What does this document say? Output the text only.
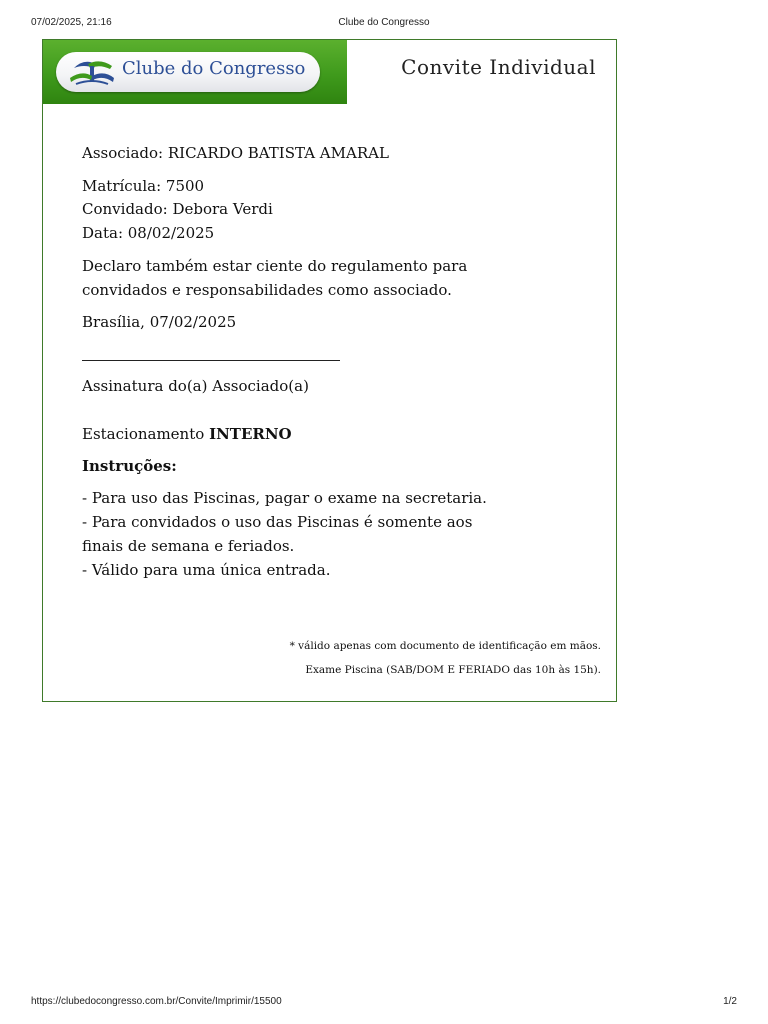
07/02/2025, 21:16	Clube do Congresso
Clube do Congresso	Convite Individual
Associado: RICARDO BATISTA AMARAL
Matrícula: 7500
Convidado: Debora Verdi
Data: 08/02/2025
Declaro também estar ciente do regulamento para
convidados e responsabilidades como associado.
Brasília, 07/02/2025
Assinatura do(a) Associado(a)
Estacionamento INTERNO
Instruções:
- Para uso das Piscinas, pagar o exame na secretaria.
- Para convidados o uso das Piscinas é somente aos
finais de semana e feriados.
- Válido para uma única entrada.
* válido apenas com documento de identificação em mãos.
Exame Piscina (SAB/DOM E FERIADO das 10h às 15h).
https://clubedocongresso.com.br/Convite/Imprimir/15500	1/2
